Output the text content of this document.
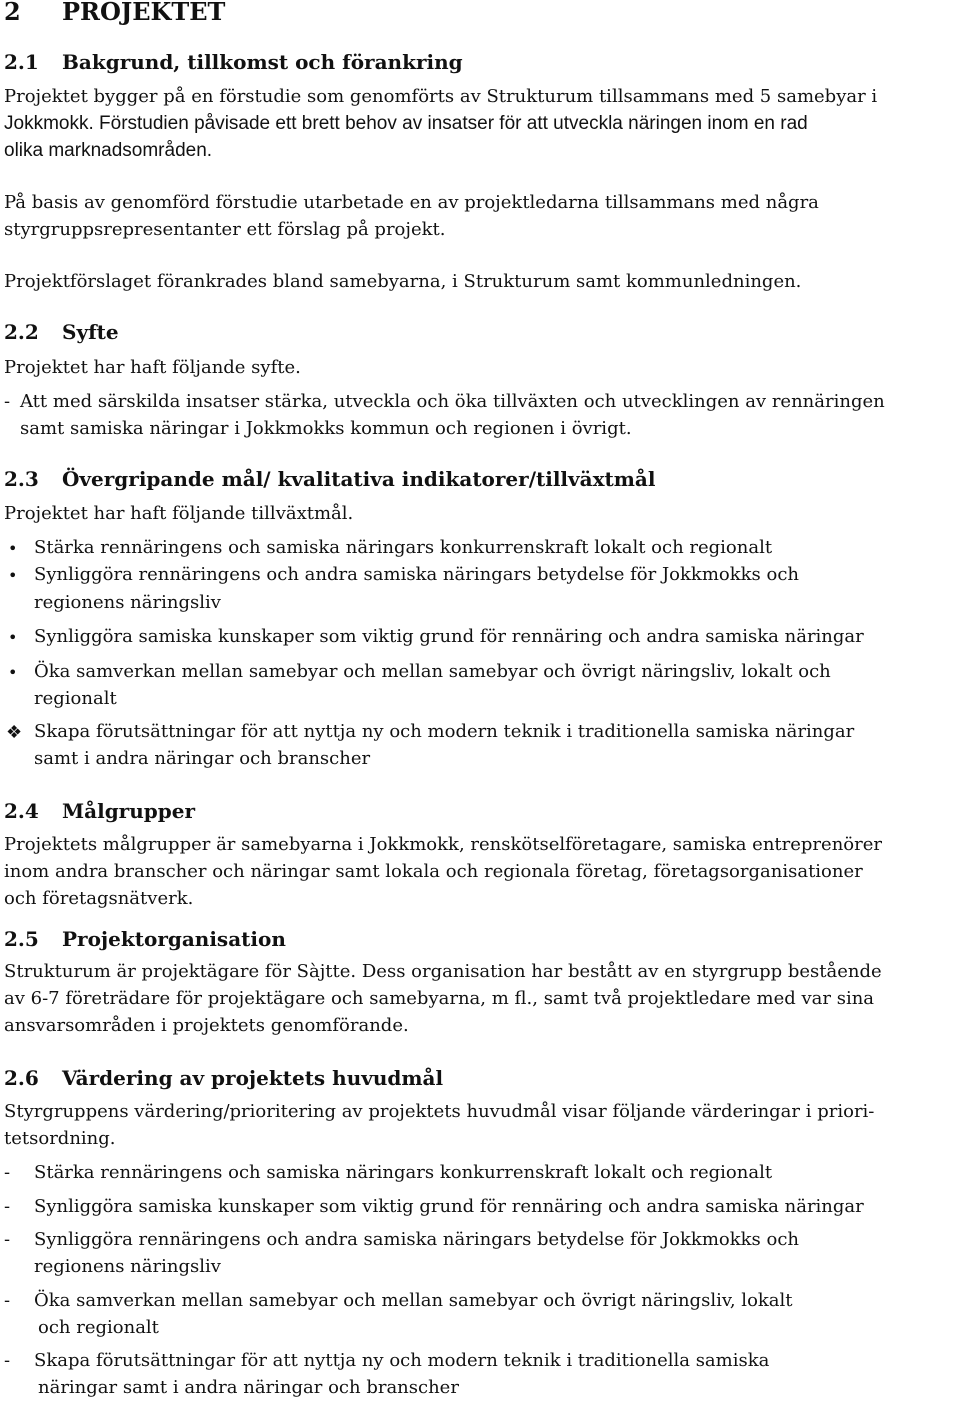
2 PROJEKTET
2.1 Bakgrund, tillkomst och förankring
Projektet bygger på en förstudie som genomförts av Strukturum tillsammans med 5 samebyar i
Jokkmokk. Förstudien påvisade ett brett behov av insatser för att utveckla näringen inom en rad
olika marknadsområden.
På basis av genomförd förstudie utarbetade en av projektledarna tillsammans med några
styrgruppsrepresentanter ett förslag på projekt.
Projektförslaget förankrades bland samebyarna, i Strukturum samt kommunledningen.
2.2 Syfte
Projektet har haft följande syfte.
- Att med särskilda insatser stärka, utveckla och öka tillväxten och utvecklingen av rennäringen
samt samiska näringar i Jokkmokks kommun och regionen i övrigt.
2.3 Övergripande mål/ kvalitativa indikatorer/tillväxtmål
Projektet har haft följande tillväxtmål.
• Stärka rennäringens och samiska näringars konkurrenskraft lokalt och regionalt
• Synliggöra rennäringens och andra samiska näringars betydelse för Jokkmokks och
regionens näringsliv
• Synliggöra samiska kunskaper som viktig grund för rennäring och andra samiska näringar
• Öka samverkan mellan samebyar och mellan samebyar och övrigt näringsliv, lokalt och
regionalt
❖ Skapa förutsättningar för att nyttja ny och modern teknik i traditionella samiska näringar
samt i andra näringar och branscher
2.4 Målgrupper
Projektets målgrupper är samebyarna i Jokkmokk, renskötselföretagare, samiska entreprenörer
inom andra branscher och näringar samt lokala och regionala företag, företagsorganisationer
och företagsnätverk.
2.5 Projektorganisation
Strukturum är projektägare för Sàjtte. Dess organisation har bestått av en styrgrupp bestående
av 6-7 företrädare för projektägare och samebyarna, m fl., samt två projektledare med var sina
ansvarsområden i projektets genomförande.
2.6 Värdering av projektets huvudmål
Styrgruppens värdering/prioritering av projektets huvudmål visar följande värderingar i priori-
tetsordning.
- Stärka rennäringens och samiska näringars konkurrenskraft lokalt och regionalt
- Synliggöra samiska kunskaper som viktig grund för rennäring och andra samiska näringar
- Synliggöra rennäringens och andra samiska näringars betydelse för Jokkmokks och
regionens näringsliv
- Öka samverkan mellan samebyar och mellan samebyar och övrigt näringsliv, lokalt
och regionalt
- Skapa förutsättningar för att nyttja ny och modern teknik i traditionella samiska
näringar samt i andra näringar och branscher
